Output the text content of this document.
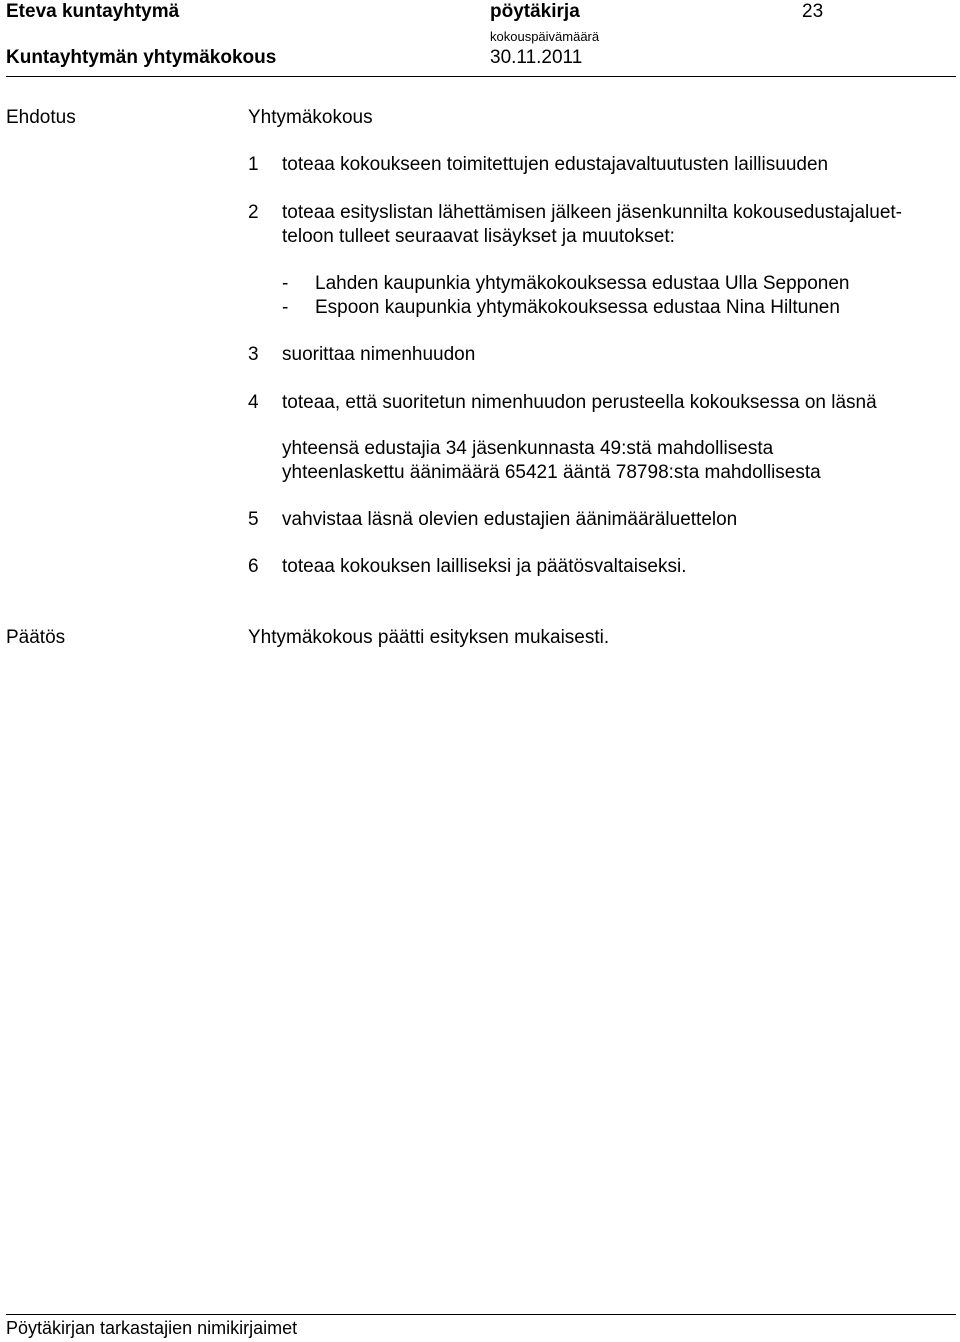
Eteva kuntayhtymä	pöytäkirja	23
kokouspäivämäärä
Kuntayhtymän yhtymäkokous	30.11.2011
Ehdotus	Yhtymäkokous
1 toteaa kokoukseen toimitettujen edustajavaltuutusten laillisuuden
2 toteaa esityslistan lähettämisen jälkeen jäsenkunnilta kokousedustajaluet-
teloon tulleet seuraavat lisäykset ja muutokset:
- Lahden kaupunkia yhtymäkokouksessa edustaa Ulla Sepponen
- Espoon kaupunkia yhtymäkokouksessa edustaa Nina Hiltunen
3 suorittaa nimenhuudon
4 toteaa, että suoritetun nimenhuudon perusteella kokouksessa on läsnä
yhteensä edustajia 34 jäsenkunnasta 49:stä mahdollisesta
yhteenlaskettu äänimäärä 65421 ääntä 78798:sta mahdollisesta
5 vahvistaa läsnä olevien edustajien äänimääräluettelon
6 toteaa kokouksen lailliseksi ja päätösvaltaiseksi.
Päätös	Yhtymäkokous päätti esityksen mukaisesti.
Pöytäkirjan tarkastajien nimikirjaimet
